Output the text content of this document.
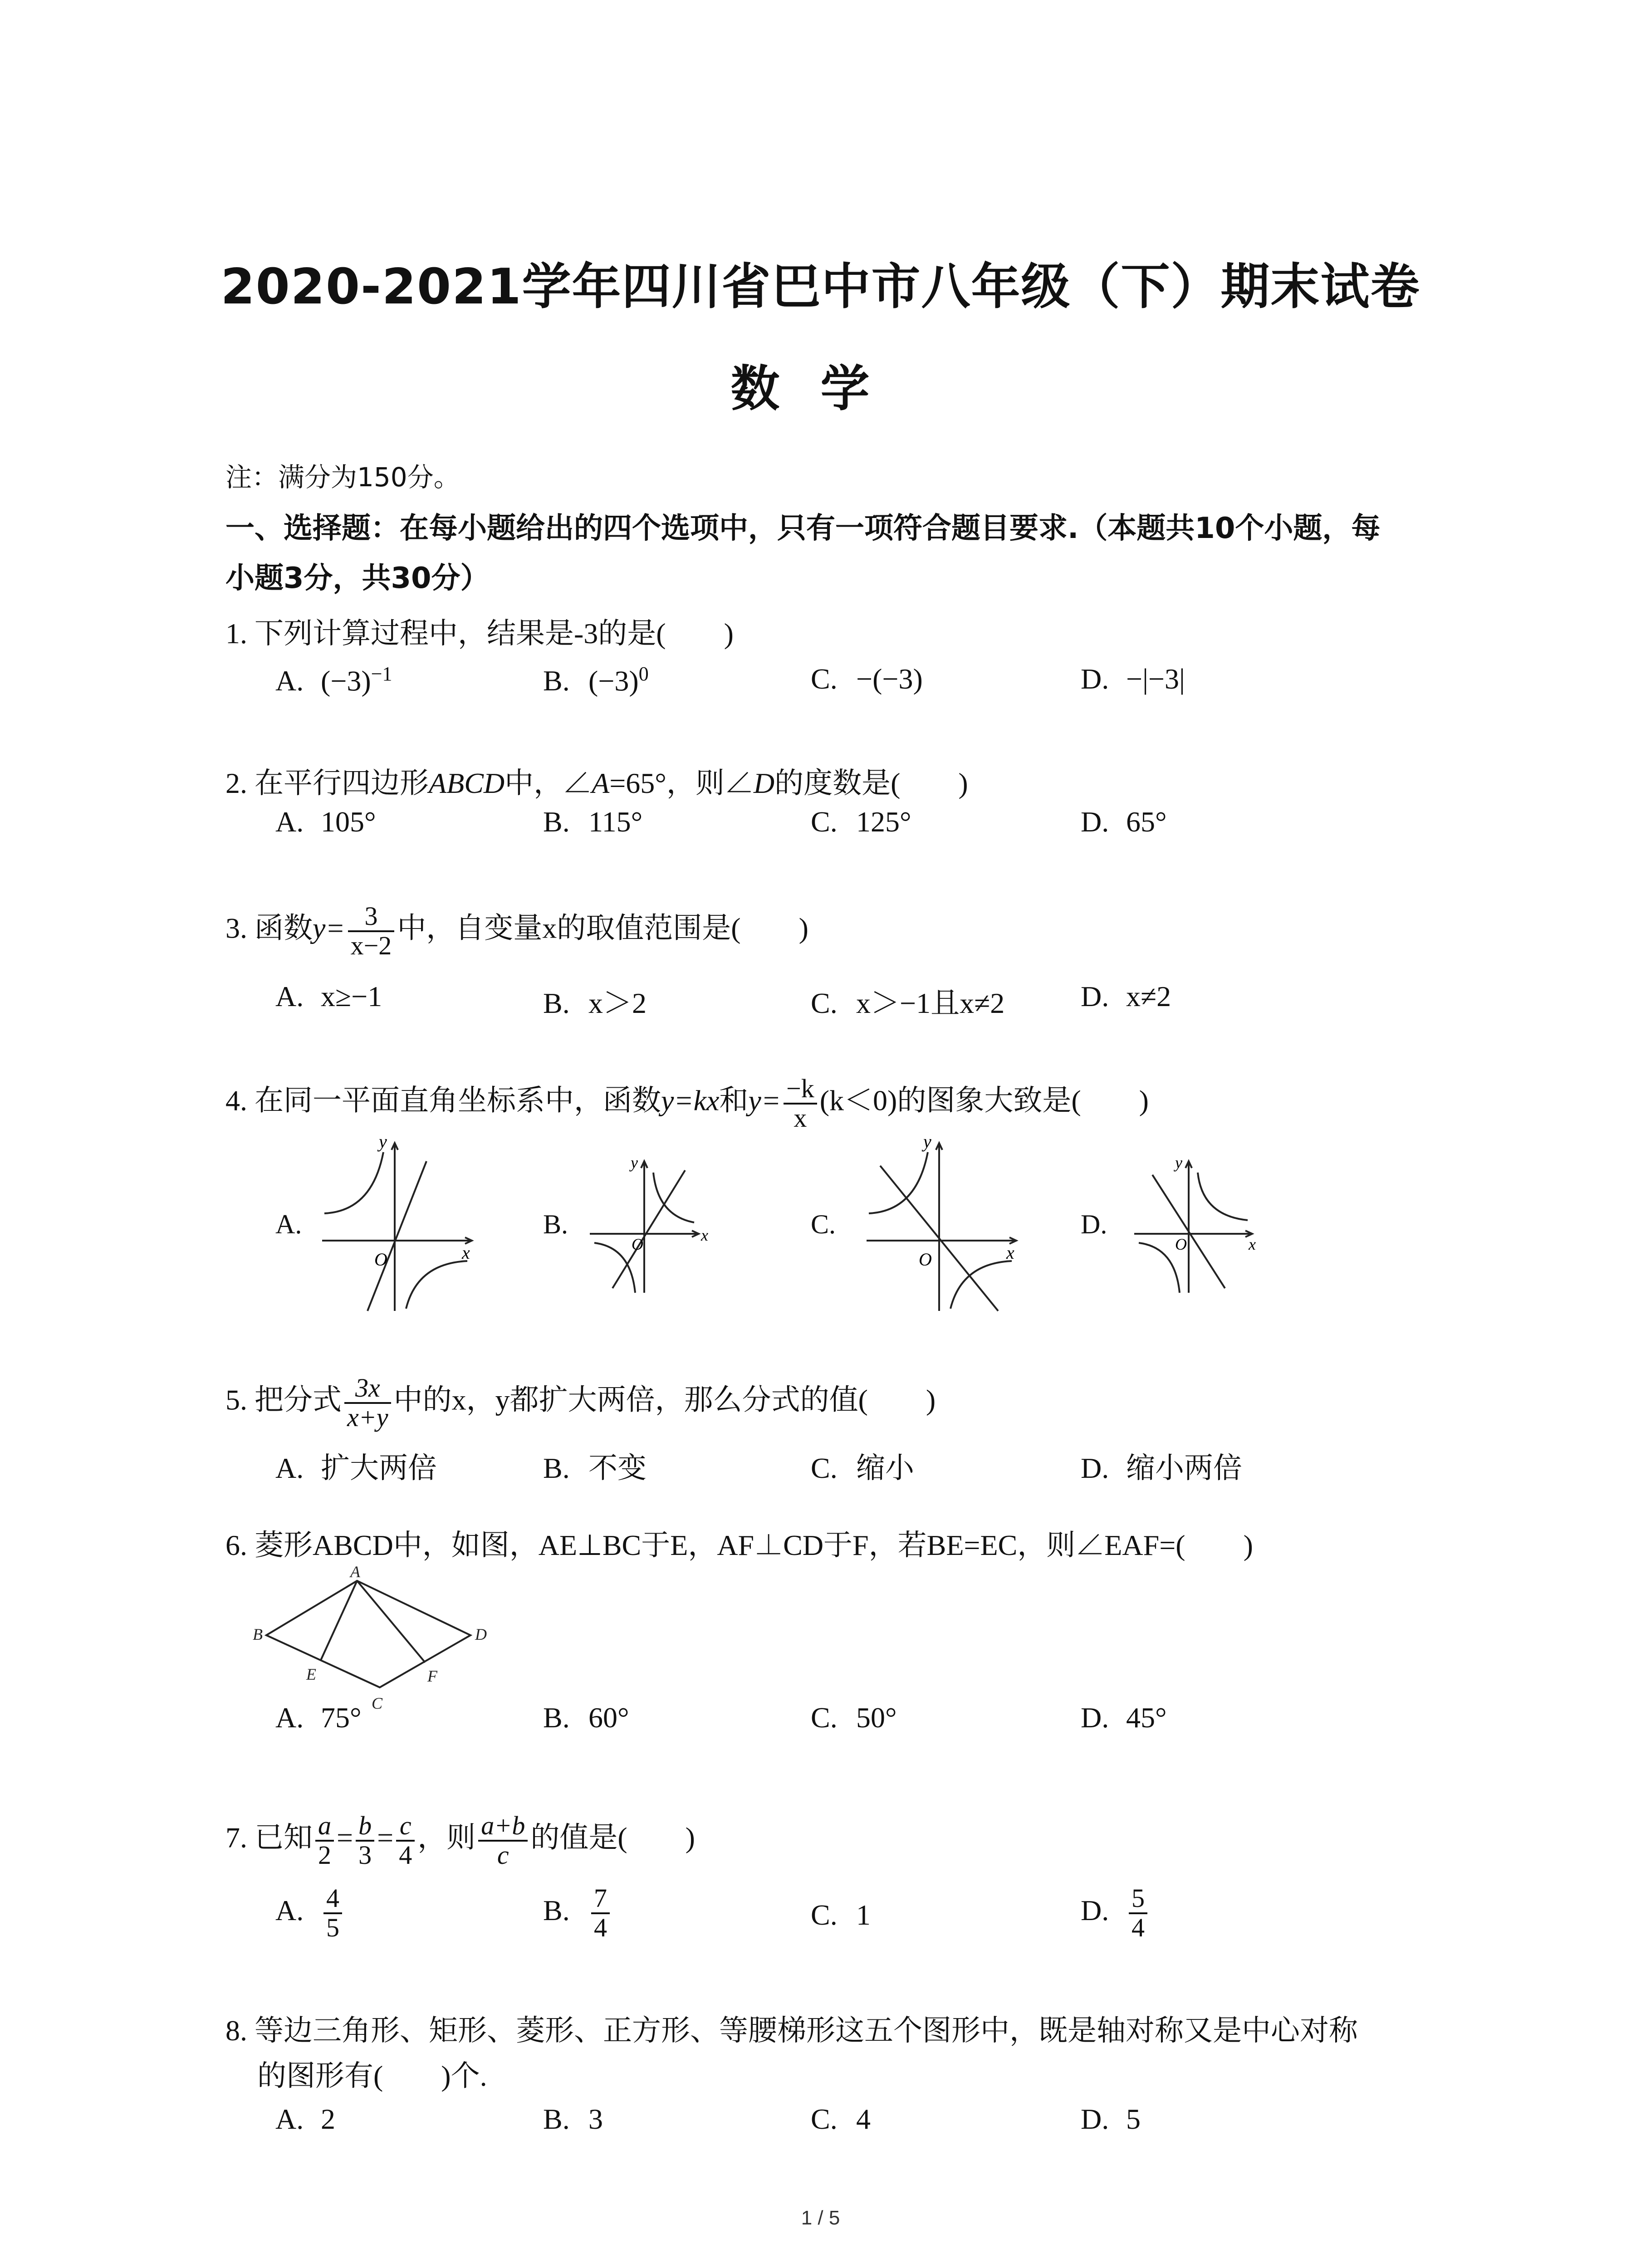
2020-2021学年四川省巴中市八年级（下）期末试卷
数学
注：满分为150分。
一、选择题：在每小题给出的四个选项中，只有一项符合题目要求.（本题共10个小题，每
小题3分，共30分）
1. 下列计算过程中，结果是-3的是(　　)
A. $(-3)^{-1}$	B. $(-3)^0$	C. −(−3)	D. −|−3|
2. 在平行四边形ABCD中，∠A=65°，则∠D的度数是(　　)
A. 105°	B. 115°	C. 125°	D. 65°
3. 函数$y= \frac{3}{x-2}$ 中，自变量x的取值范围是(　　)
A. x≥−1	B. x＞2	C. x＞−1且x≠2	D. x≠2
4. 在同一平面直角坐标系中，函数y=kx和$y= \frac{-k}{x} (k<0)$的图象大致是(　　)
A.	B.	C.	D.
y
x
O
y
x
O
y
x
O
y
x
O
5. 把分式 $\frac{3x}{x+y}$ 中的x，y都扩大两倍，那么分式的值(　　)
A. 扩大两倍	B. 不变	C. 缩小	D. 缩小两倍
6. 菱形ABCD中，如图，AE⊥BC于E，AF⊥CD于F，若BE=EC，则∠EAF=(　　)
A
B
C
D
E	F
A. 75°	B. 60°	C. 50°	D. 45°
7. 已知 $\frac{a}{2} = \frac{b}{3} = \frac{c}{4}$ ，则 $\frac{a+b}{c}$ 的值是(　　)
A. $\frac{4}{5}$	B. $\frac{7}{4}$	C. 1	D. $\frac{5}{4}$
8. 等边三角形、矩形、菱形、正方形、等腰梯形这五个图形中，既是轴对称又是中心对称
的图形有(　　)个.
A. 2	B. 3	C. 4	D. 5
1 / 5
